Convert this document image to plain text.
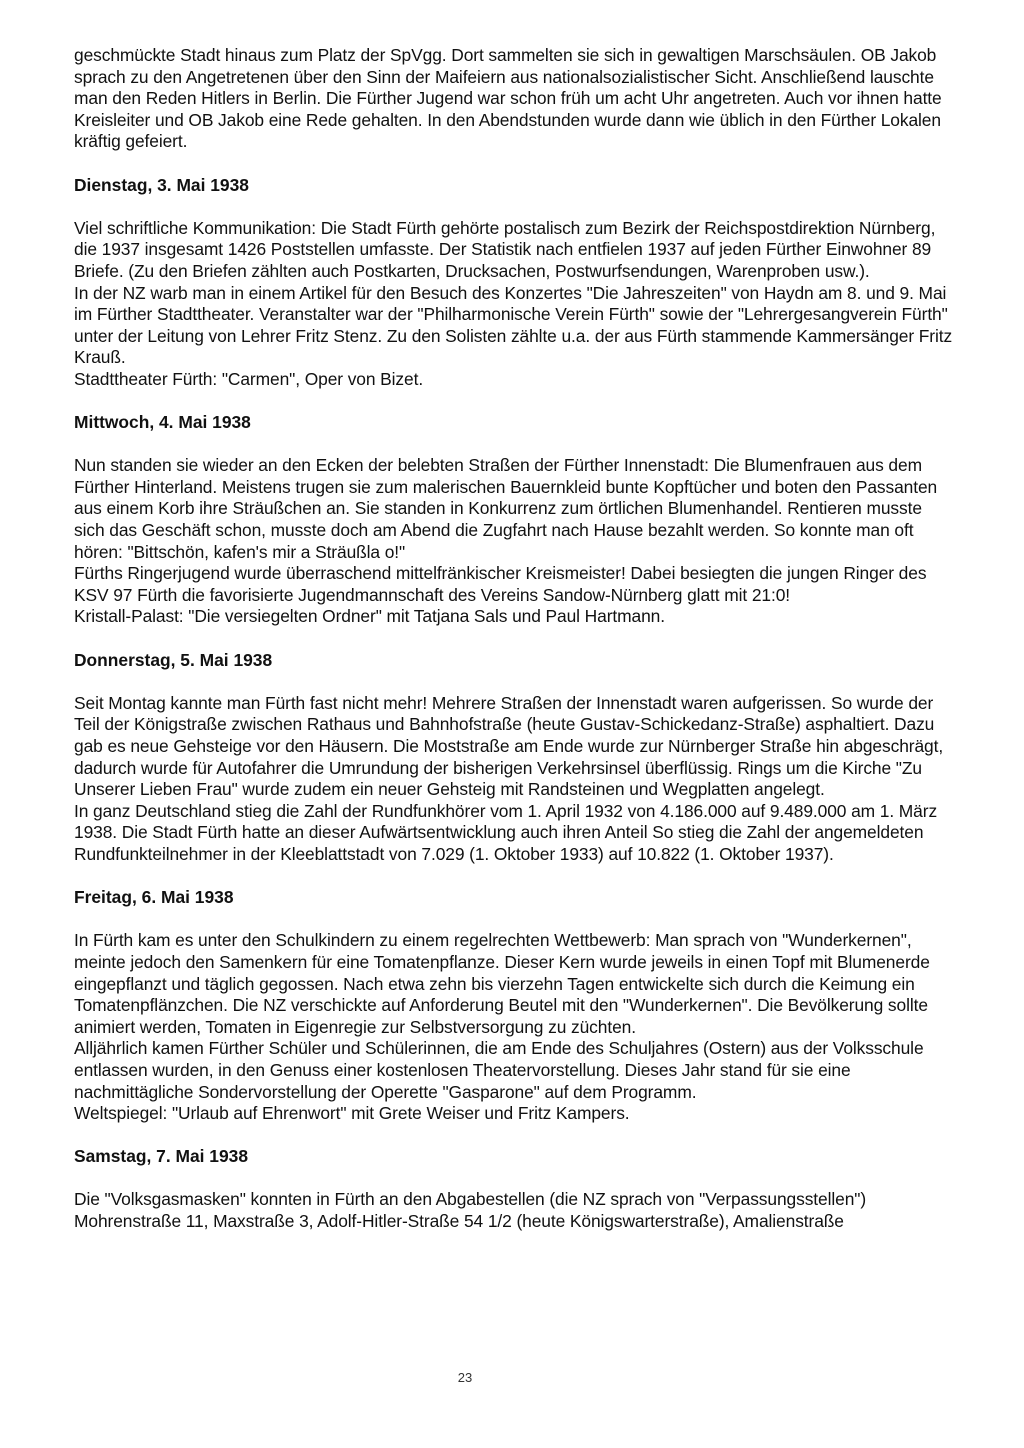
geschmückte Stadt hinaus zum Platz der SpVgg. Dort sammelten sie sich in gewaltigen Marschsäulen. OB Jakob sprach zu den Angetretenen über den Sinn der Maifeiern aus nationalsozialistischer Sicht. Anschließend lauschte man den Reden Hitlers in Berlin. Die Fürther Jugend war schon früh um acht Uhr angetreten. Auch vor ihnen hatte Kreisleiter und OB Jakob eine Rede gehalten. In den Abendstunden wurde dann wie üblich in den Fürther Lokalen kräftig gefeiert.

Dienstag, 3. Mai 1938

Viel schriftliche Kommunikation: Die Stadt Fürth gehörte postalisch zum Bezirk der Reichspostdirektion Nürnberg, die 1937 insgesamt 1426 Poststellen umfasste. Der Statistik nach entfielen 1937 auf jeden Fürther Einwohner 89 Briefe. (Zu den Briefen zählten auch Postkarten, Drucksachen, Postwurfsendungen, Warenproben usw.).

In der NZ warb man in einem Artikel für den Besuch des Konzertes "Die Jahreszeiten" von Haydn am 8. und 9. Mai im Fürther Stadttheater. Veranstalter war der "Philharmonische Verein Fürth" sowie der "Lehrergesangverein Fürth" unter der Leitung von Lehrer Fritz Stenz. Zu den Solisten zählte u.a. der aus Fürth stammende Kammersänger Fritz Krauß.

Stadttheater Fürth: "Carmen", Oper von Bizet.

Mittwoch, 4. Mai 1938

Nun standen sie wieder an den Ecken der belebten Straßen der Fürther Innenstadt: Die Blumenfrauen aus dem Fürther Hinterland. Meistens trugen sie zum malerischen Bauernkleid bunte Kopftücher und boten den Passanten aus einem Korb ihre Sträußchen an. Sie standen in Konkurrenz zum örtlichen Blumenhandel. Rentieren musste sich das Geschäft schon, musste doch am Abend die Zugfahrt nach Hause bezahlt werden. So konnte man oft hören: "Bittschön, kafen's mir a Sträußla o!"

Fürths Ringerjugend wurde überraschend mittelfränkischer Kreismeister! Dabei besiegten die jungen Ringer des KSV 97 Fürth die favorisierte Jugendmannschaft des Vereins Sandow-Nürnberg glatt mit 21:0!

Kristall-Palast: "Die versiegelten Ordner" mit Tatjana Sals und Paul Hartmann.

Donnerstag, 5. Mai 1938

Seit Montag kannte man Fürth fast nicht mehr! Mehrere Straßen der Innenstadt waren aufgerissen. So wurde der Teil der Königstraße zwischen Rathaus und Bahnhofstraße (heute Gustav-Schickedanz-Straße) asphaltiert. Dazu gab es neue Gehsteige vor den Häusern. Die Moststraße am Ende wurde zur Nürnberger Straße hin abgeschrägt, dadurch wurde für Autofahrer die Umrundung der bisherigen Verkehrsinsel überflüssig. Rings um die Kirche "Zu Unserer Lieben Frau" wurde zudem ein neuer Gehsteig mit Randsteinen und Wegplatten angelegt.

In ganz Deutschland stieg die Zahl der Rundfunkhörer vom 1. April 1932 von 4.186.000 auf 9.489.000 am 1. März 1938. Die Stadt Fürth hatte an dieser Aufwärtsentwicklung auch ihren Anteil So stieg die Zahl der angemeldeten Rundfunkteilnehmer in der Kleeblattstadt von 7.029 (1. Oktober 1933) auf 10.822 (1. Oktober 1937).

Freitag, 6. Mai 1938

In Fürth kam es unter den Schulkindern zu einem regelrechten Wettbewerb: Man sprach von "Wunderkernen", meinte jedoch den Samenkern für eine Tomatenpflanze. Dieser Kern wurde jeweils in einen Topf mit Blumenerde eingepflanzt und täglich gegossen. Nach etwa zehn bis vierzehn Tagen entwickelte sich durch die Keimung ein Tomatenpflänzchen. Die NZ verschickte auf Anforderung Beutel mit den "Wunderkernen". Die Bevölkerung sollte animiert werden, Tomaten in Eigenregie zur Selbstversorgung zu züchten.

Alljährlich kamen Fürther Schüler und Schülerinnen, die am Ende des Schuljahres (Ostern) aus der Volksschule entlassen wurden, in den Genuss einer kostenlosen Theatervorstellung. Dieses Jahr stand für sie eine nachmittägliche Sondervorstellung der Operette "Gasparone" auf dem Programm.

Weltspiegel: "Urlaub auf Ehrenwort" mit Grete Weiser und Fritz Kampers.

Samstag, 7. Mai 1938

Die "Volksgasmasken" konnten in Fürth an den Abgabestellen (die NZ sprach von "Verpassungsstellen") Mohrenstraße 11, Maxstraße 3, Adolf-Hitler-Straße 54 1/2 (heute Königswarterstraße), Amalienstraße

23
